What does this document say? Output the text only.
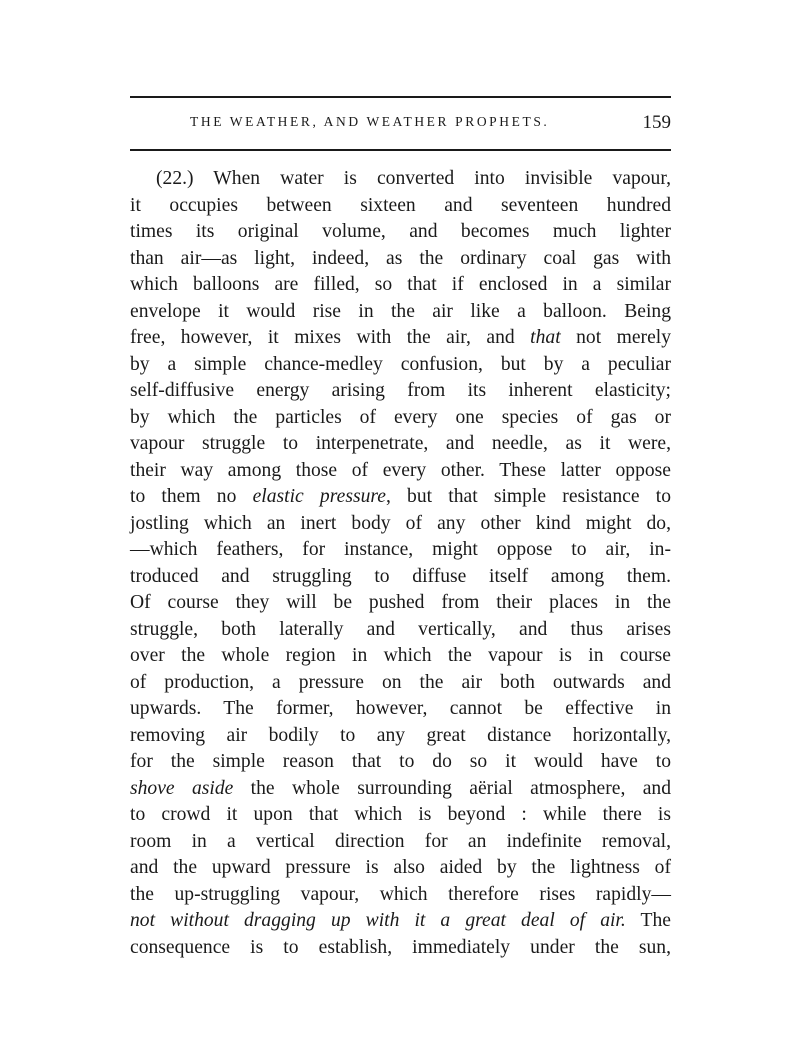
THE WEATHER, AND WEATHER PROPHETS.	159
(22.) When water is converted into invisible vapour,
it occupies between sixteen and seventeen hundred
times its original volume, and becomes much lighter
than air—as light, indeed, as the ordinary coal gas with
which balloons are filled, so that if enclosed in a similar
envelope it would rise in the air like a balloon. Being
free, however, it mixes with the air, and that not merely
by a simple chance-medley confusion, but by a peculiar
self-diffusive energy arising from its inherent elasticity;
by which the particles of every one species of gas or
vapour struggle to interpenetrate, and needle, as it were,
their way among those of every other. These latter oppose
to them no elastic pressure, but that simple resistance to
jostling which an inert body of any other kind might do,
—which feathers, for instance, might oppose to air, in-
troduced and struggling to diffuse itself among them.
Of course they will be pushed from their places in the
struggle, both laterally and vertically, and thus arises
over the whole region in which the vapour is in course
of production, a pressure on the air both outwards and
upwards. The former, however, cannot be effective in
removing air bodily to any great distance horizontally,
for the simple reason that to do so it would have to
shove aside the whole surrounding aërial atmosphere, and
to crowd it upon that which is beyond : while there is
room in a vertical direction for an indefinite removal,
and the upward pressure is also aided by the lightness of
the up-struggling vapour, which therefore rises rapidly—
not without dragging up with it a great deal of air. The
consequence is to establish, immediately under the sun,
